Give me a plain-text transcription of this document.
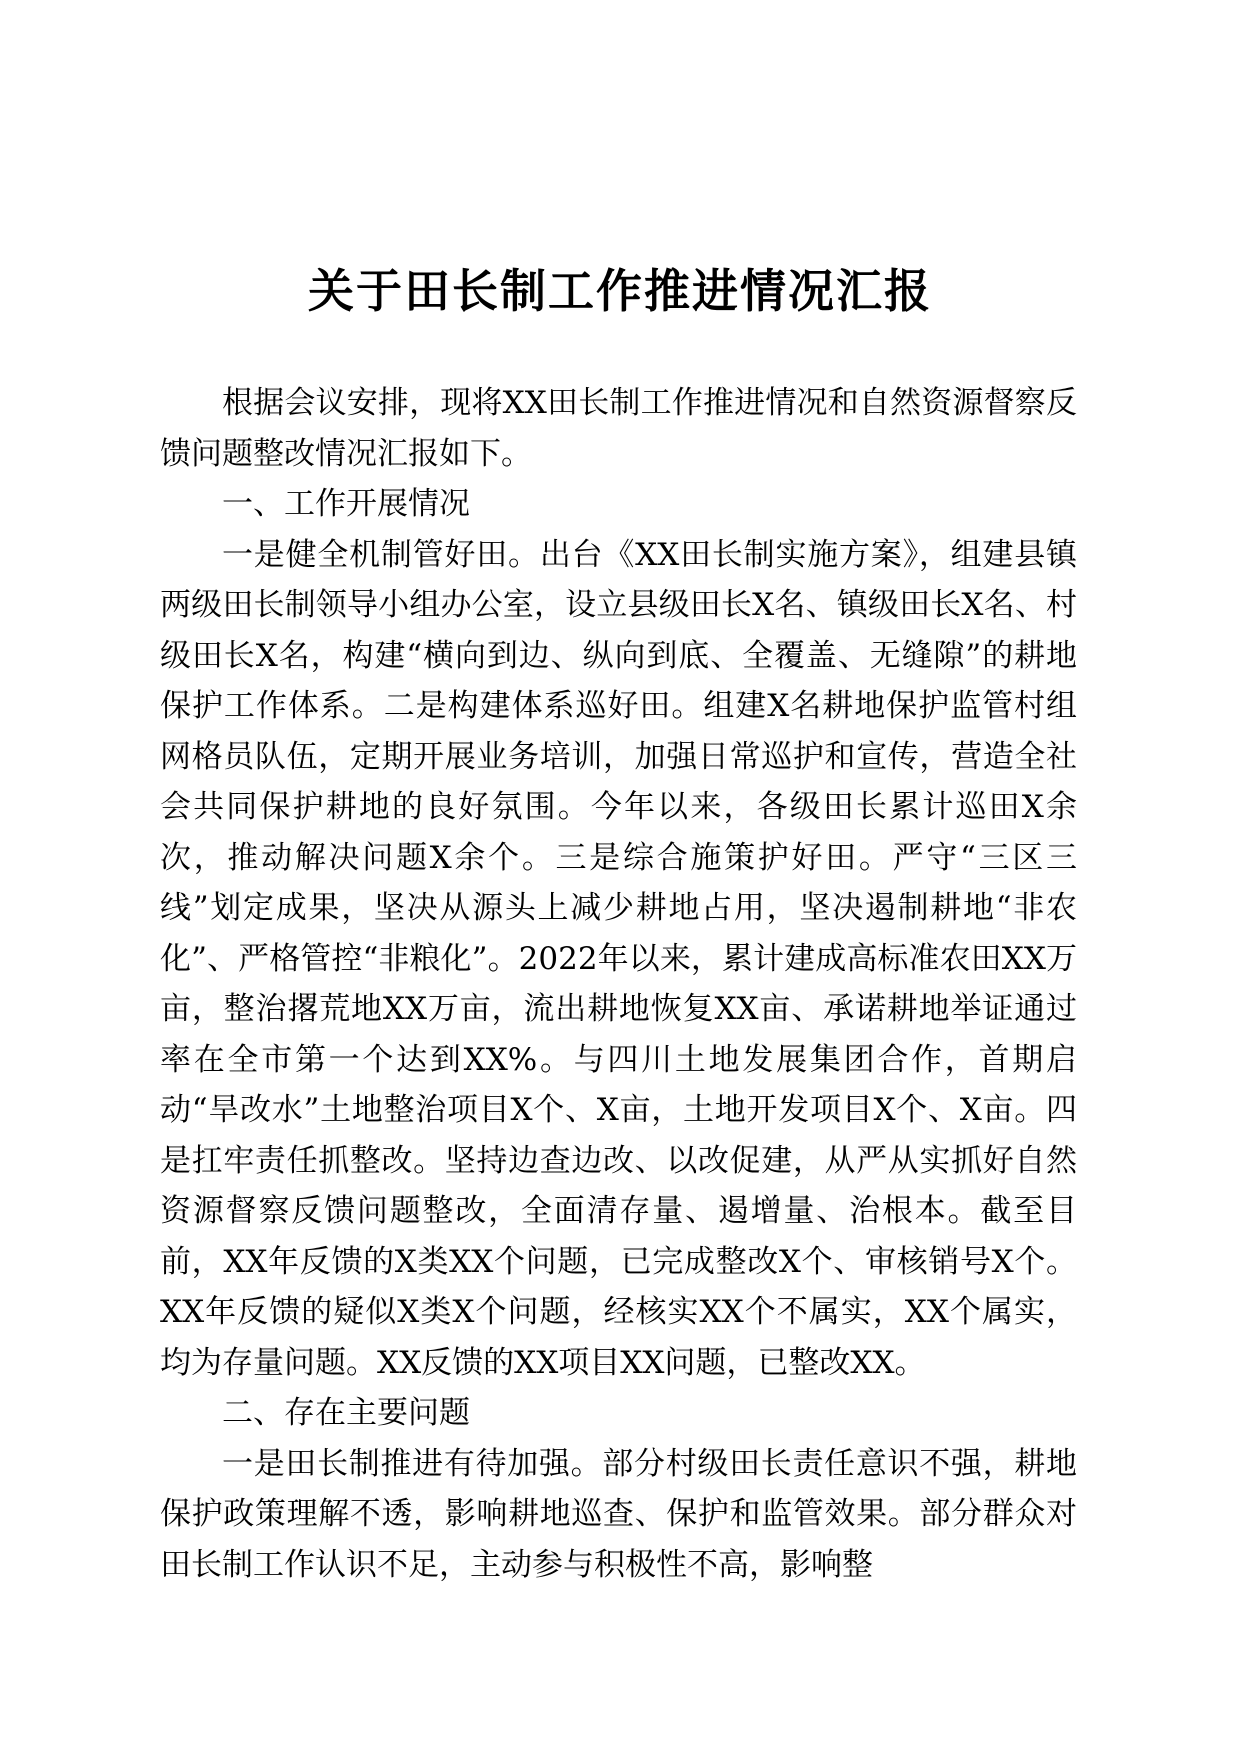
关于田长制工作推进情况汇报

根据会议安排，现将XX田长制工作推进情况和自然资源督察反馈问题整改情况汇报如下。

一、工作开展情况

一是健全机制管好田。出台《XX田长制实施方案》，组建县镇两级田长制领导小组办公室，设立县级田长X名、镇级田长X名、村级田长X名，构建“横向到边、纵向到底、全覆盖、无缝隙”的耕地保护工作体系。二是构建体系巡好田。组建X名耕地保护监管村组网格员队伍，定期开展业务培训，加强日常巡护和宣传，营造全社会共同保护耕地的良好氛围。今年以来，各级田长累计巡田X余次，推动解决问题X余个。三是综合施策护好田。严守“三区三线”划定成果，坚决从源头上减少耕地占用，坚决遏制耕地“非农化”、严格管控“非粮化”。2022年以来，累计建成高标准农田XX万亩，整治撂荒地XX万亩，流出耕地恢复XX亩、承诺耕地举证通过率在全市第一个达到XX%。与四川土地发展集团合作，首期启动“旱改水”土地整治项目X个、X亩，土地开发项目X个、X亩。四是扛牢责任抓整改。坚持边查边改、以改促建，从严从实抓好自然资源督察反馈问题整改，全面清存量、遏增量、治根本。截至目前，XX年反馈的X类XX个问题，已完成整改X个、审核销号X个。XX年反馈的疑似X类X个问题，经核实XX个不属实，XX个属实，均为存量问题。XX反馈的XX项目XX问题，已整改XX。

二、存在主要问题

一是田长制推进有待加强。部分村级田长责任意识不强，耕地保护政策理解不透，影响耕地巡查、保护和监管效果。部分群众对田长制工作认识不足，主动参与积极性不高，影响整
